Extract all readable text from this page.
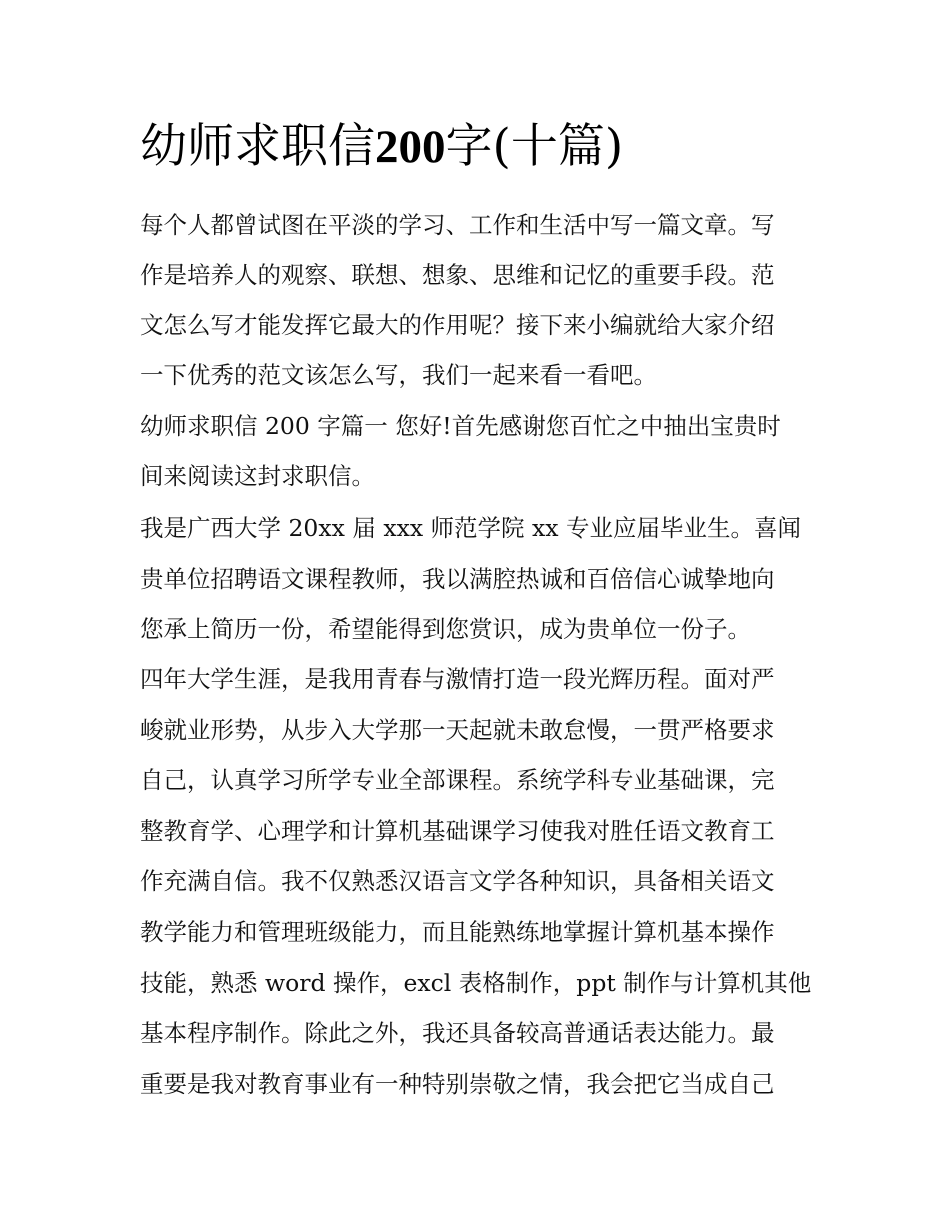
幼师求职信200字(十篇)
每个人都曾试图在平淡的学习、工作和生活中写一篇文章。写
作是培养人的观察、联想、想象、思维和记忆的重要手段。范
文怎么写才能发挥它最大的作用呢？接下来小编就给大家介绍
一下优秀的范文该怎么写，我们一起来看一看吧。
幼师求职信 200 字篇一 您好!首先感谢您百忙之中抽出宝贵时
间来阅读这封求职信。
我是广西大学 20xx 届 xxx 师范学院 xx 专业应届毕业生。喜闻
贵单位招聘语文课程教师，我以满腔热诚和百倍信心诚挚地向
您承上简历一份，希望能得到您赏识，成为贵单位一份子。
四年大学生涯，是我用青春与激情打造一段光辉历程。面对严
峻就业形势，从步入大学那一天起就未敢怠慢，一贯严格要求
自己，认真学习所学专业全部课程。系统学科专业基础课，完
整教育学、心理学和计算机基础课学习使我对胜任语文教育工
作充满自信。我不仅熟悉汉语言文学各种知识，具备相关语文
教学能力和管理班级能力，而且能熟练地掌握计算机基本操作
技能，熟悉 word 操作，excl 表格制作，ppt 制作与计算机其他
基本程序制作。除此之外，我还具备较高普通话表达能力。最
重要是我对教育事业有一种特别崇敬之情，我会把它当成自己
